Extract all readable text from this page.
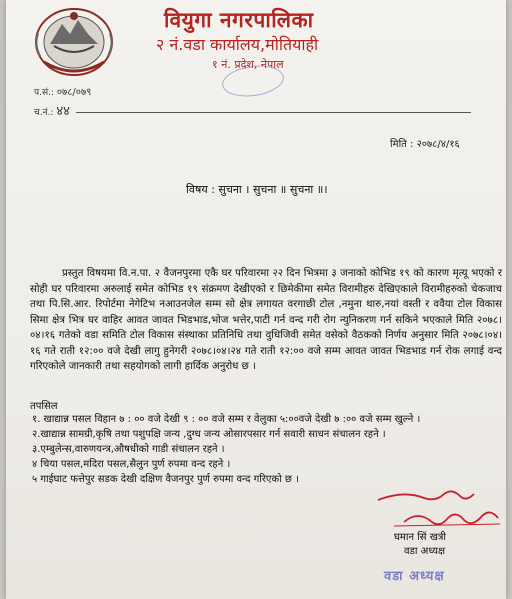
वियुगा नगरपालिका
२ नं.वडा कार्यालय,मोतियाही
१ नं. प्रदेश, नेपाल
प.सं.: ०७८/०७९
च.नं.: ४४
मिति : २०७८/४/१६
विषय : सुचना । सुचना ॥ सुचना ॥।
प्रस्तुत विषयमा वि.न.पा. २ वैजनपुरमा एकै घर परिवारमा २२ दिन भित्रमा ३ जनाको कोभिड १९ को कारण मृत्यू भएको र सोही घर परिवारमा अरुलाई समेत कोभिड १९ संक्रमण देखीएको र छिमेकीमा समेत विरामीहरु देखिएकाले विरामीहरुको चेकजाच तथा पि.सि.आर. रिपोर्टमा नेगेटिभ नआउनजेल सम्म सो क्षेत्र लगायत वरगाछी टोल ,नमुना थारु,नयां वस्ती र ववैया टोल विकास सिमा क्षेत्र भित्र घर वाहिर आवत जावत भिडभाड,भोज भत्तेर,पाटी गर्न वन्द गरी रोग न्युनिकरण गर्न सकिने भएकाले मिति २०७८।०४।१६ गतेको वडा समिति टोल विकास संस्थाका प्रतिनिधि तथा वुधिजिवी समेत वसेको वैठकको निर्णय अनुसार मिति २०७८।०४।१६ गते राती १२:०० वजे देखी लागु हुनेगरी २०७८।०४।२४ गते राती १२:०० वजे सम्म आवत जावत भिडभाड गर्न रोक लगाई वन्द गरिएकोले जानकारी तथा सहयोगको लागी हार्दिक अनुरोध छ ।
तपसिल
१. खाद्यान्न पसल विहान ७ : ०० वजे देखी ९ : ०० वजे सम्म र वेलुका ५:००वजे देखी ७ :०० वजे सम्म खुल्ने ।
२.खाद्यान्न सामग्री,कृषि तथा पशुपक्षि जन्य ,दुग्ध जन्य ओसारपसार गर्न सवारी साधन संचालन रहने ।
३.एम्बुलेन्स,वारुणयन्त्र,औषधीको गाडी संचालन रहने ।
४ चिया पसल,मदिरा पसल,सैलुन पुर्ण रुपमा वन्द रहने ।
५ गाईघाट फत्तेपुर सडक देखी दक्षिण वैजनपुर पुर्ण रुपमा वन्द गरिएको छ ।
घमान सिं खत्री
वडा अध्यक्ष
वडा अध्यक्ष
